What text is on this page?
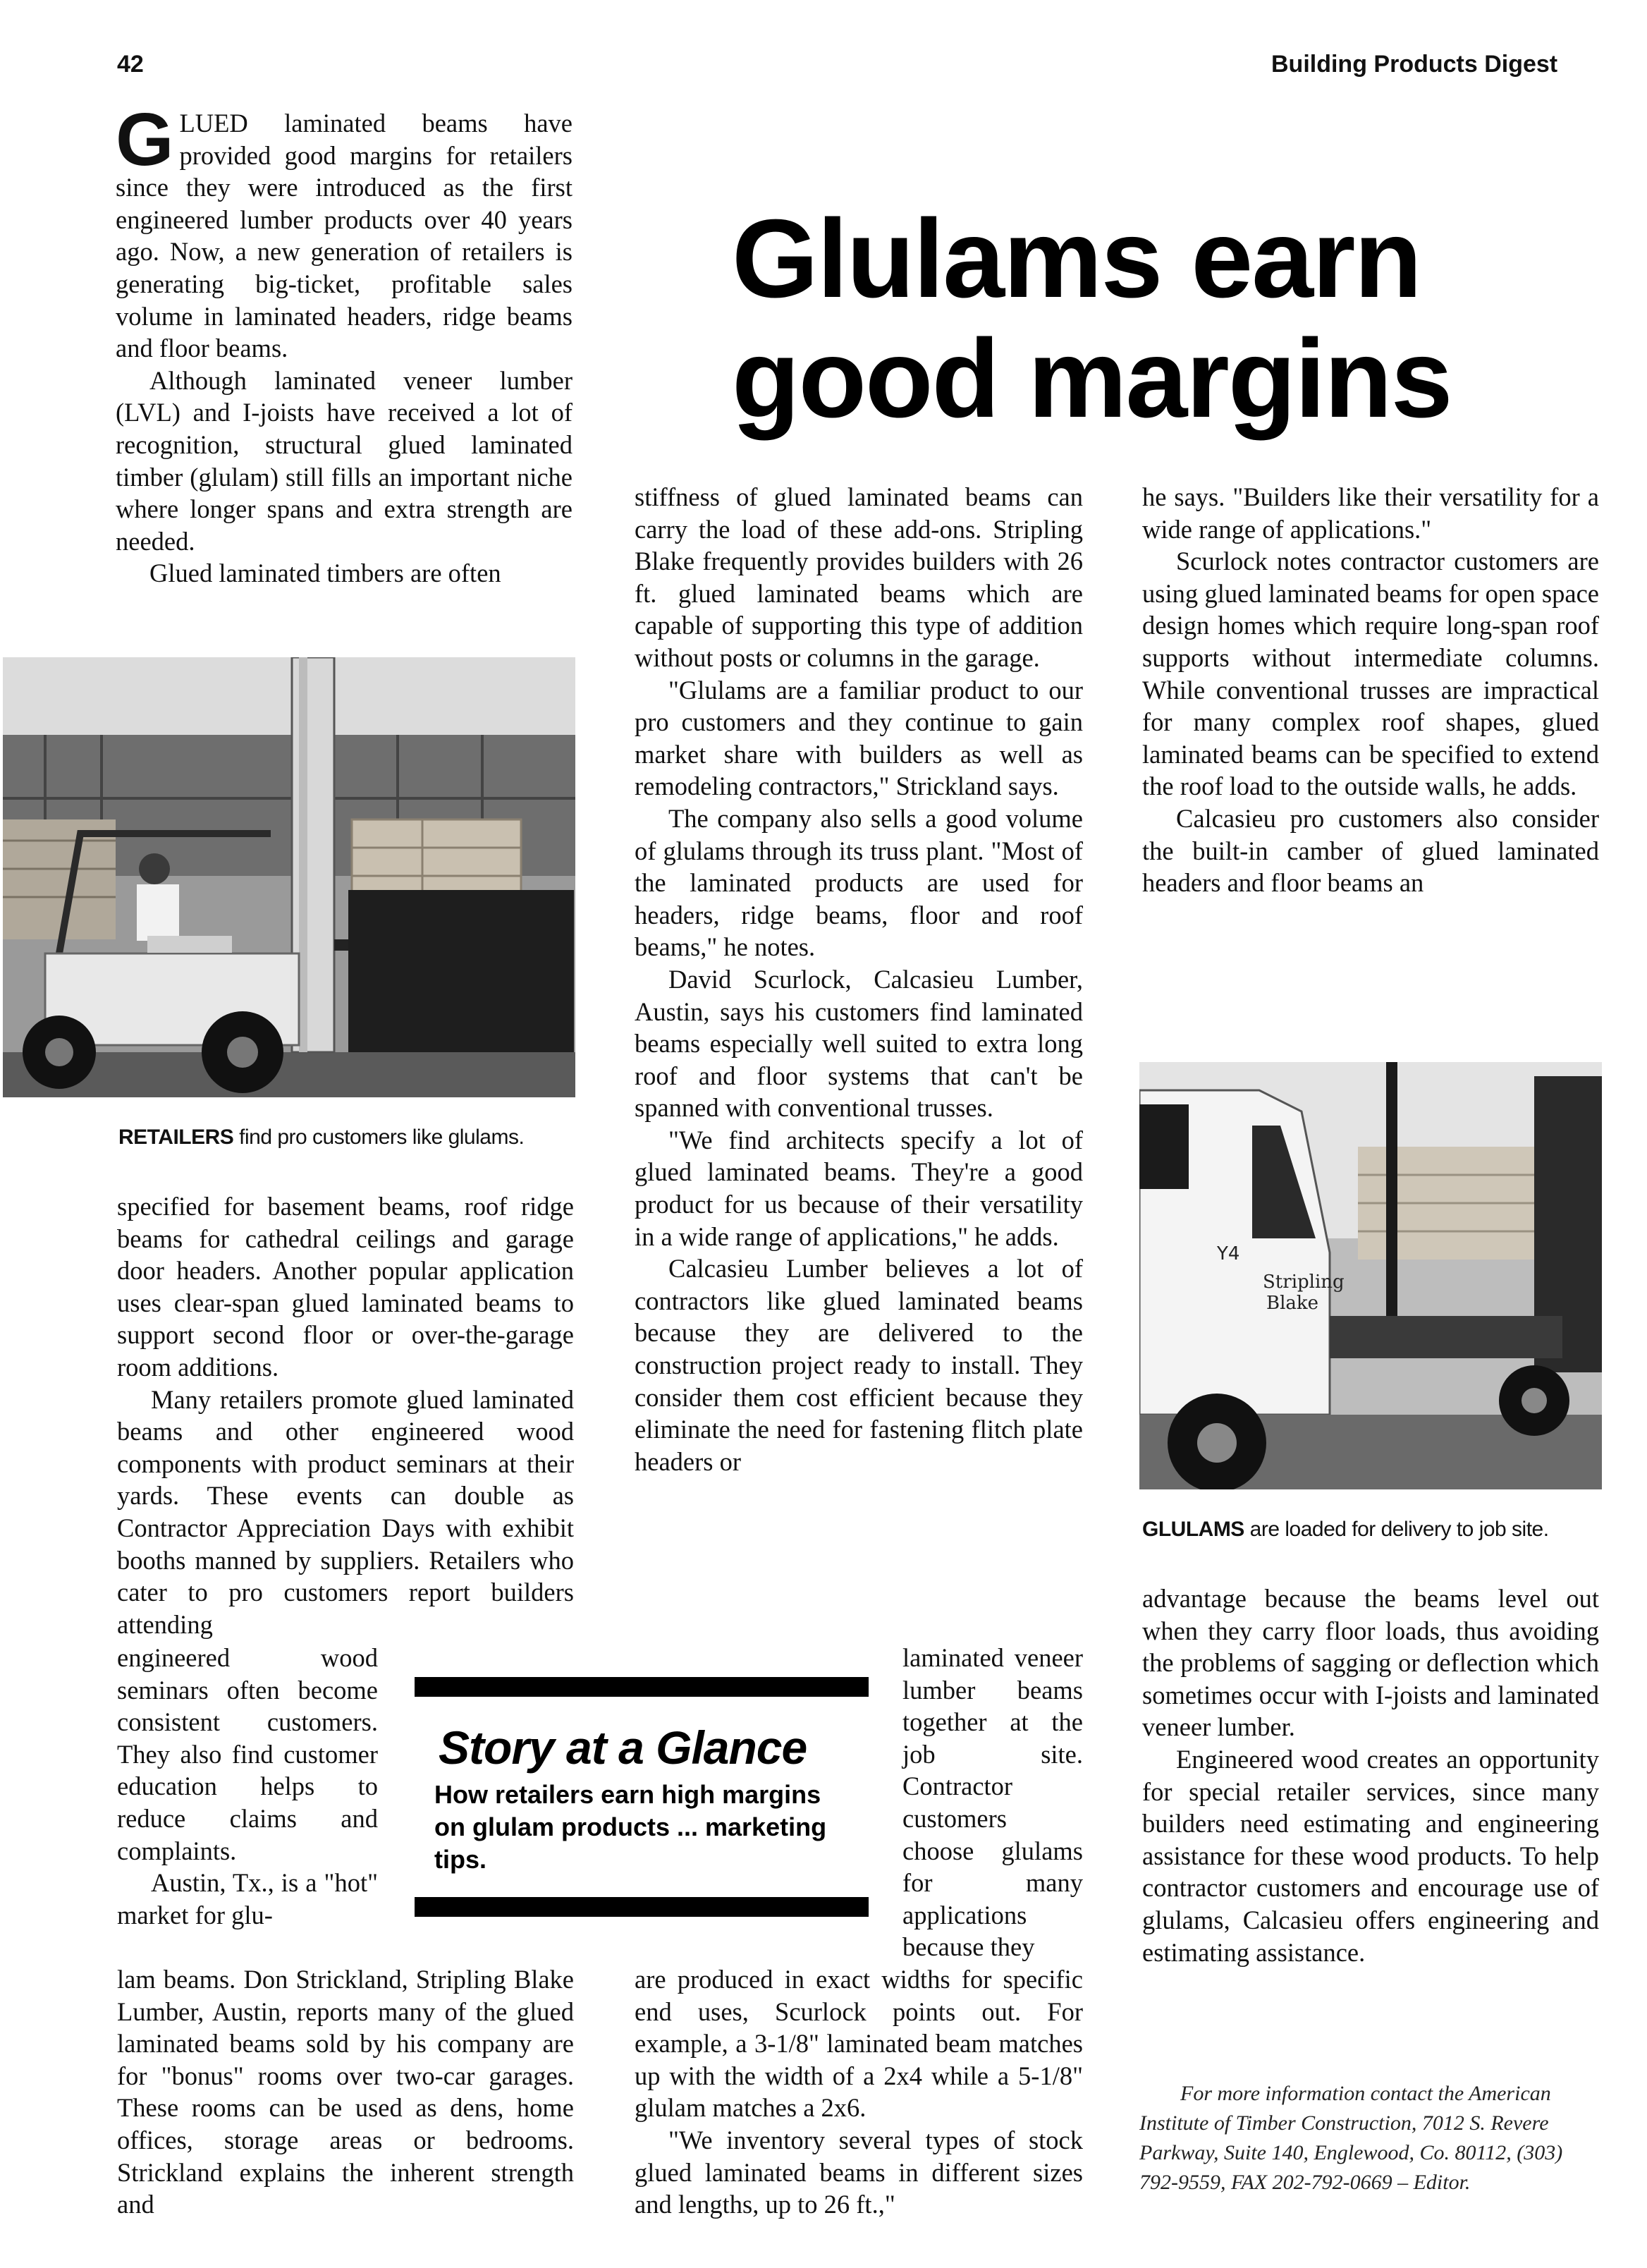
42	Building Products Digest
Glulams earn
good margins

GLUED laminated beams have provided good margins for retailers since they were introduced as the first engineered lumber products over 40 years ago. Now, a new generation of retailers is generating big-ticket, profitable sales volume in laminated headers, ridge beams and floor beams.

Although laminated veneer lumber (LVL) and I-joists have received a lot of recognition, structural glued laminated timber (glulam) still fills an important niche where longer spans and extra strength are needed.

Glued laminated timbers are often

RETAILERS find pro customers like glulams.

specified for basement beams, roof ridge beams for cathedral ceilings and garage door headers. Another popular application uses clear-span glued laminated beams to support second floor or over-the-garage room additions.

Many retailers promote glued laminated beams and other engineered wood components with product seminars at their yards. These events can double as Contractor Appreciation Days with exhibit booths manned by suppliers. Retailers who cater to pro customers report builders attending

engineered wood seminars often become consistent customers. They also find customer education helps to reduce claims and complaints.

Austin, Tx., is a "hot" market for glu-

lam beams. Don Strickland, Stripling Blake Lumber, Austin, reports many of the glued laminated beams sold by his company are for "bonus" rooms over two-car garages. These rooms can be used as dens, home offices, storage areas or bedrooms. Strickland explains the inherent strength and

stiffness of glued laminated beams can carry the load of these add-ons. Stripling Blake frequently provides builders with 26 ft. glued laminated beams which are capable of supporting this type of addition without posts or columns in the garage.

"Glulams are a familiar product to our pro customers and they continue to gain market share with builders as well as remodeling contractors," Strickland says.

The company also sells a good volume of glulams through its truss plant. "Most of the laminated products are used for headers, ridge beams, floor and roof beams," he notes.

David Scurlock, Calcasieu Lumber, Austin, says his customers find laminated beams especially well suited to extra long roof and floor systems that can't be spanned with conventional trusses.

"We find architects specify a lot of glued laminated beams. They're a good product for us because of their versatility in a wide range of applications," he adds.

Calcasieu Lumber believes a lot of contractors like glued laminated beams because they are delivered to the construction project ready to install. They consider them cost efficient because they eliminate the need for fastening flitch plate headers or

laminated veneer lumber beams together at the job site. Contractor customers choose glulams for many applications because they

are produced in exact widths for specific end uses, Scurlock points out. For example, a 3-1/8" laminated beam matches up with the width of a 2x4 while a 5-1/8" glulam matches a 2x6.

"We inventory several types of stock glued laminated beams in different sizes and lengths, up to 26 ft.,"

Story at a Glance
How retailers earn high margins on glulam products ... marketing tips.

he says. "Builders like their versatility for a wide range of applications."

Scurlock notes contractor customers are using glued laminated beams for open space design homes which require long-span roof supports without intermediate columns. While conventional trusses are impractical for many complex roof shapes, glued laminated beams can be specified to extend the roof load to the outside walls, he adds.

Calcasieu pro customers also consider the built-in camber of glued laminated headers and floor beams an

Y4
Stripling
Blake
GLULAMS are loaded for delivery to job site.

advantage because the beams level out when they carry floor loads, thus avoiding the problems of sagging or deflection which sometimes occur with I-joists and laminated veneer lumber.

Engineered wood creates an opportunity for special retailer services, since many builders need estimating and engineering assistance for these wood products. To help contractor customers and encourage use of glulams, Calcasieu offers engineering and estimating assistance.

For more information contact the American Institute of Timber Construction, 7012 S. Revere Parkway, Suite 140, Englewood, Co. 80112, (303) 792-9559, FAX 202-792-0669 – Editor.
